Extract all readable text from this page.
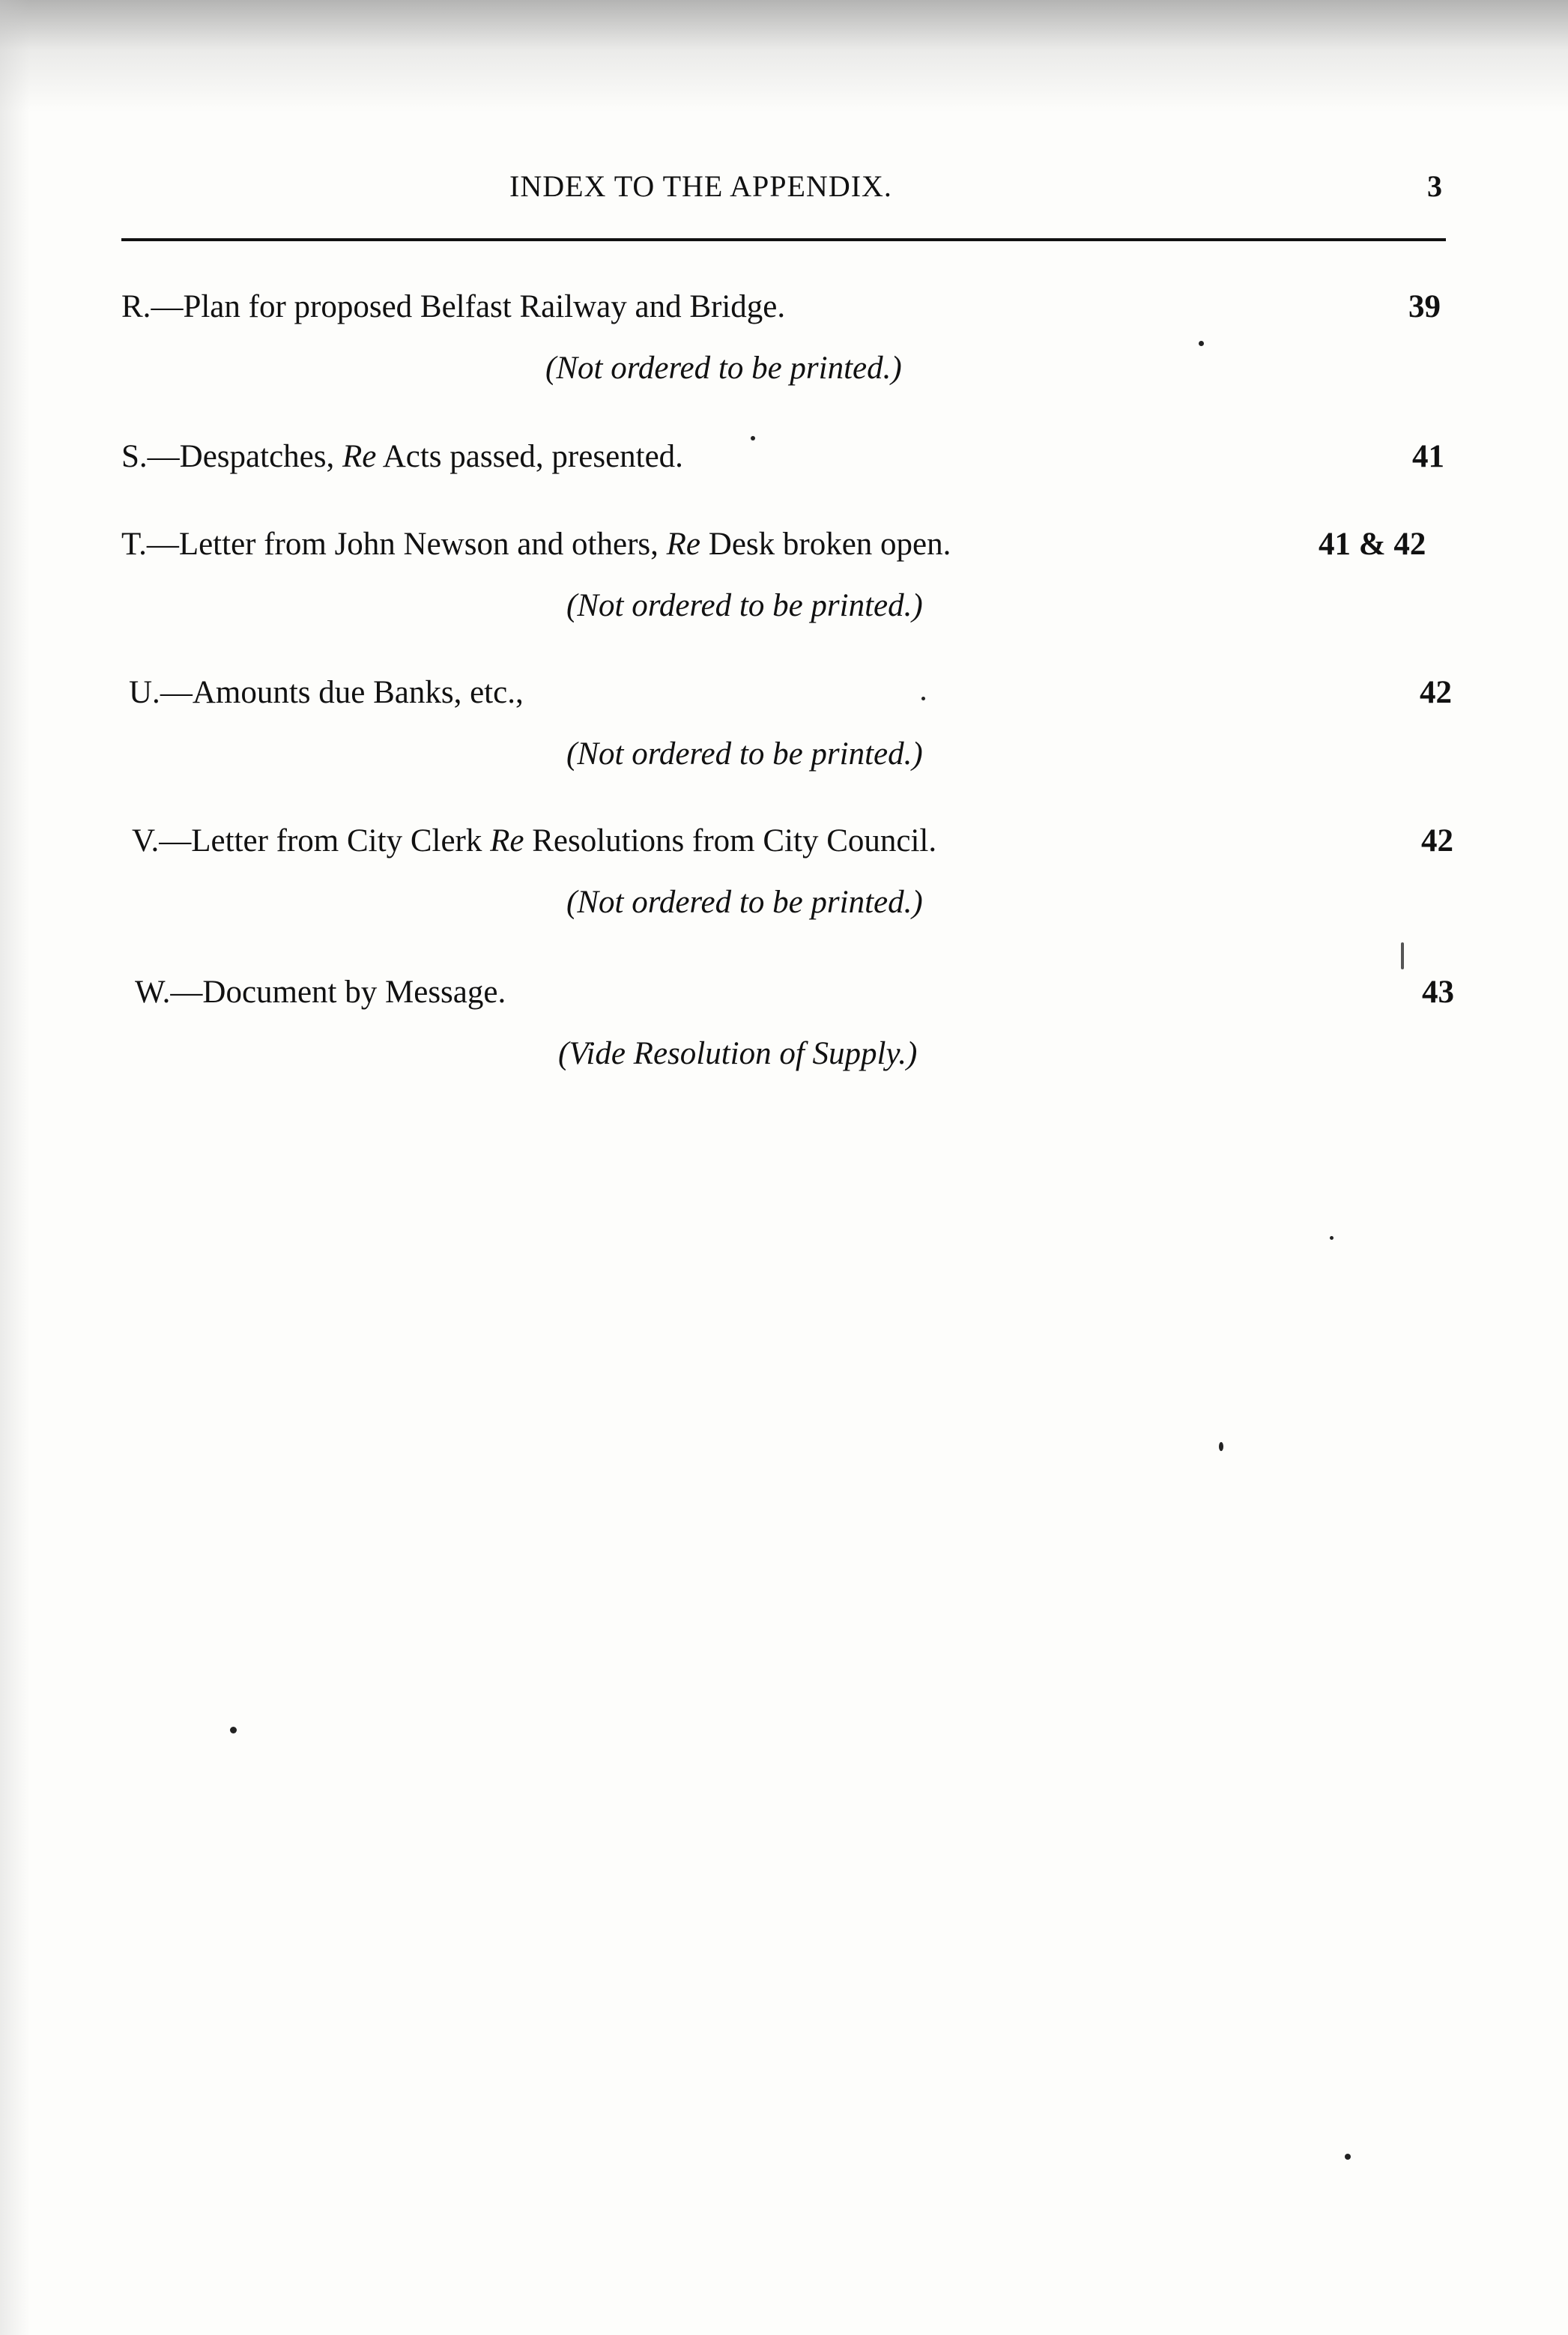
INDEX TO THE APPENDIX.	3
R.—Plan for proposed Belfast Railway and Bridge.	39
(Not ordered to be printed.)
S.—Despatches, Re Acts passed, presented.	41
T.—Letter from John Newson and others, Re Desk broken open.	41 & 42
(Not ordered to be printed.)
U.—Amounts due Banks, etc.,	42
(Not ordered to be printed.)
V.—Letter from City Clerk Re Resolutions from City Council.	42
(Not ordered to be printed.)
W.—Document by Message.	43
(Vide Resolution of Supply.)
